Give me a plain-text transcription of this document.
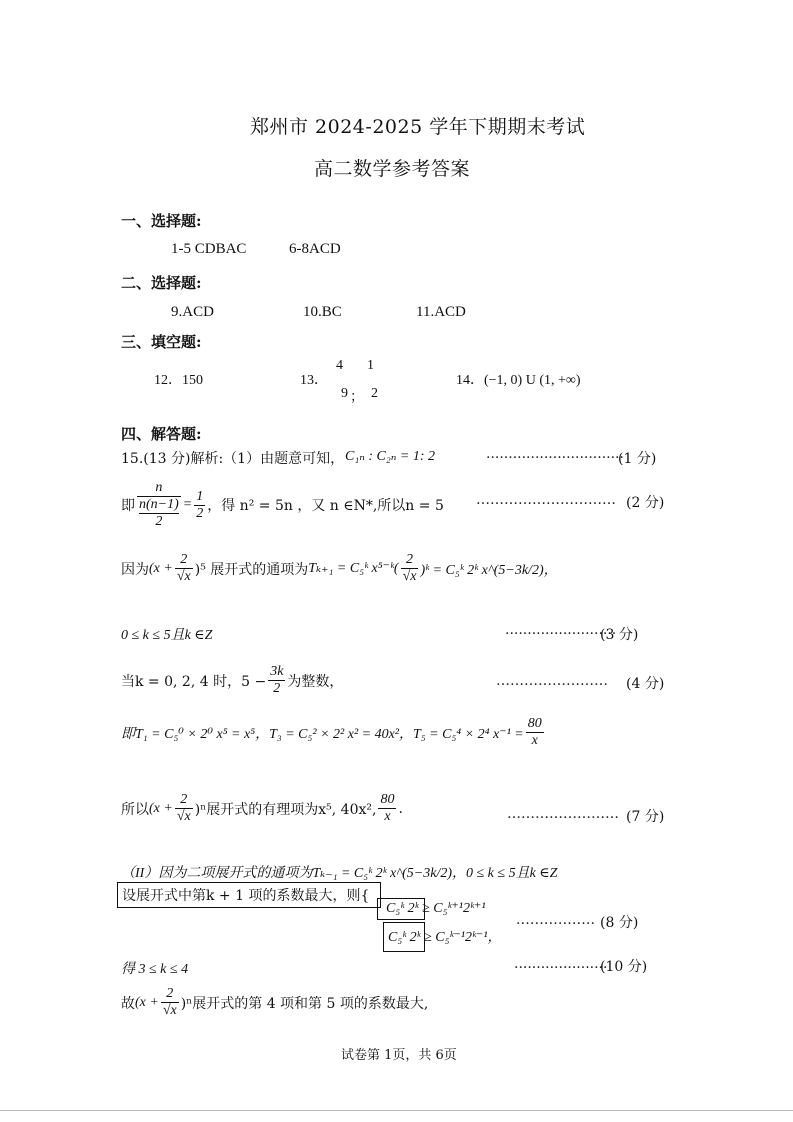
郑州市 2024-2025 学年下期期末考试
高二数学参考答案
一、选择题:
1-5 CDBAC	6-8ACD
二、选择题:
9.ACD	10.BC	11.ACD
三、填空题:
12．150	13．
4
9 ；
1
2
14．(−1, 0) U (1, +∞)
四、解答题:
15.(13 分)解析:（1）由题意可知， C₁ₙ : C₂ₙ = 1: 2	...............................
(1 分)
即 n
n(n−1)
$2 = \frac{1}{2}$ ，得 n² = 5n ，又 n ∈N*,所以n = 5 ………………………… (2 分)
因为 $(x + \frac{2}{√x} )^5$ 展开式的通项为 Tₖ₊₁ = C₅ᵏ x⁵⁻ᵏ( $\frac{2}{√x}$ )ᵏ = C₅ᵏ 2ᵏ x^(5−3k/2)，
0 ≤ k ≤ 5且k ∈Z	.........................
(3 分)
当k = 0, 2, 4 时，$5 - \frac{3k}{2}$ 为整数，	…………………… (4 分)
即T₁ = C₅⁰ × 2⁰ x⁵ = x⁵，T₃ = C₅² × 2² x² = 40x²，T₅ = C₅⁴ × 2⁴ $x^{-1} = \frac{80}{x}$
所以 $(x + \frac{2}{√x} )^n$展开式的有理项为x⁵, 40x², $\frac{80}{x}$ .	…………………… (7 分)
（II）因为二项展开式的通项为Tₖ₋₁ = C₅ᵏ 2ᵏ x^(5−3k/2)，0 ≤ k ≤ 5且k ∈Z
设展开式中第k + 1 项的系数最大，则{
C₅ᵏ 2ᵏ ≥ C₅ᵏ⁺¹2ᵏ⁺¹
C₅ᵏ 2ᵏ ≥ C₅ᵏ⁻¹2ᵏ⁻¹，
.……………. (8 分)
得 3 ≤ k ≤ 4	.....................
(10 分)
故 $(x + \frac{2}{√x} )^n$展开式的第 4 项和第 5 项的系数最大,
试卷第 1页，共 6页
